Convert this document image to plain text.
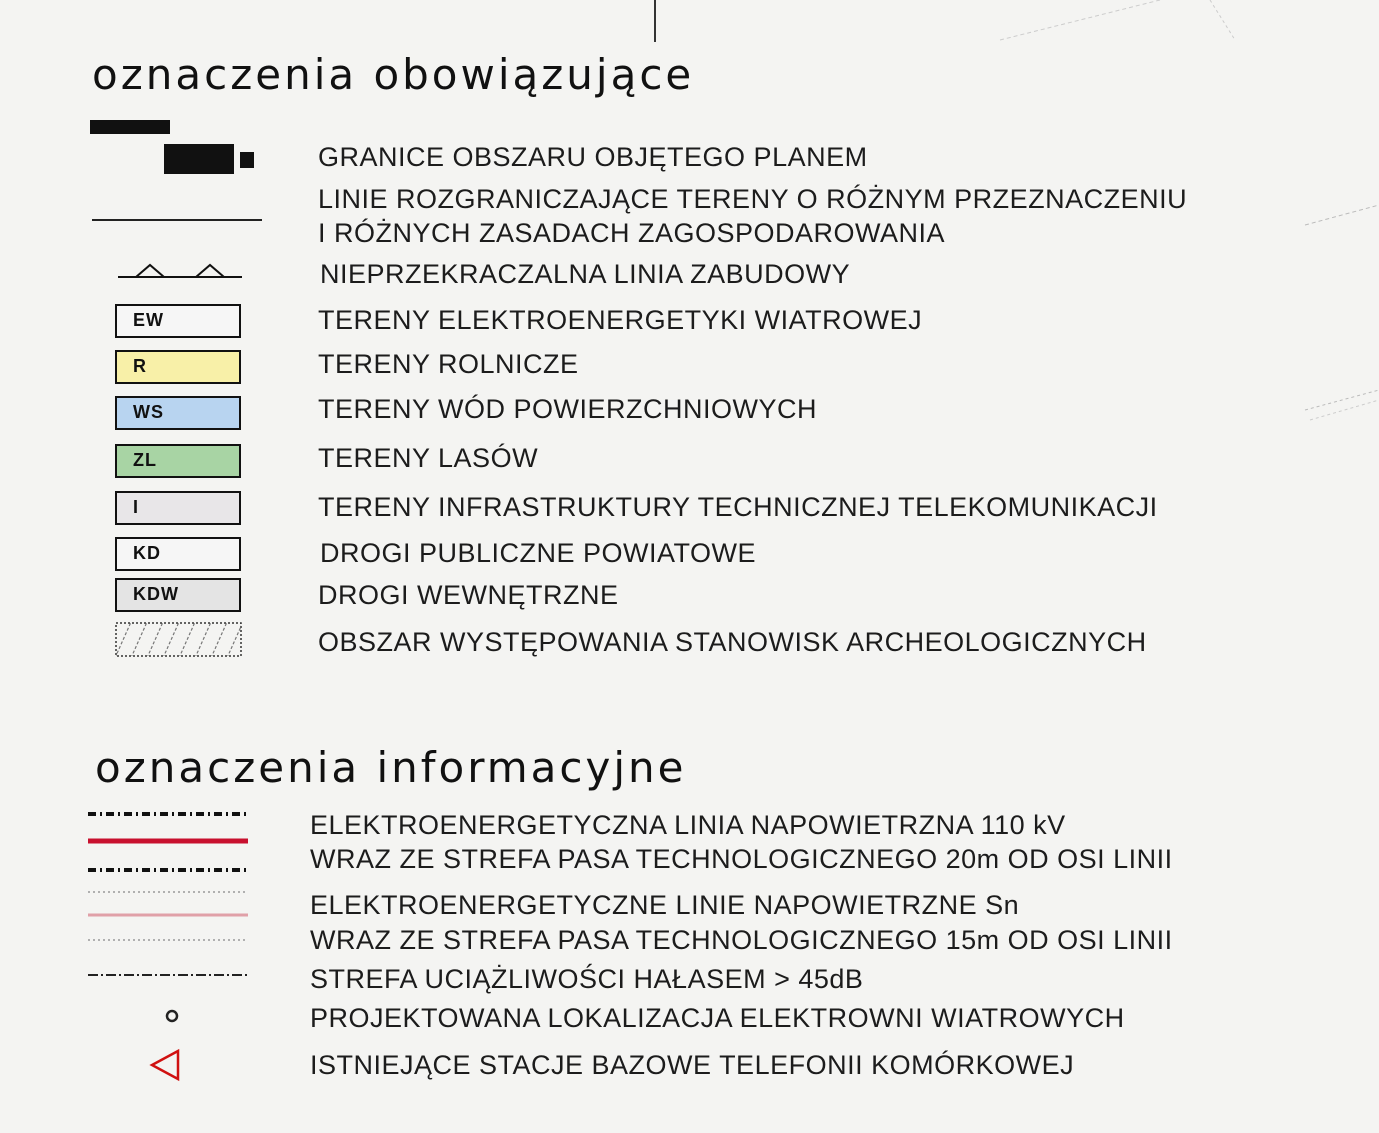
oznaczenia obowiązujące
GRANICE OBSZARU OBJĘTEGO PLANEM
LINIE ROZGRANICZAJĄCE TERENY O RÓŻNYM PRZEZNACZENIU
I RÓŻNYCH ZASADACH ZAGOSPODAROWANIA
NIEPRZEKRACZALNA LINIA ZABUDOWY
EW	TERENY ELEKTROENERGETYKI WIATROWEJ
R	TERENY ROLNICZE
WS	TERENY WÓD POWIERZCHNIOWYCH
ZL	TERENY LASÓW
I	TERENY INFRASTRUKTURY TECHNICZNEJ TELEKOMUNIKACJI
KD	DROGI PUBLICZNE POWIATOWE
KDW	DROGI WEWNĘTRZNE
OBSZAR WYSTĘPOWANIA STANOWISK ARCHEOLOGICZNYCH
oznaczenia informacyjne
ELEKTROENERGETYCZNA LINIA NAPOWIETRZNA 110 kV
WRAZ ZE STREFA PASA TECHNOLOGICZNEGO 20m OD OSI LINII
ELEKTROENERGETYCZNE LINIE NAPOWIETRZNE Sn
WRAZ ZE STREFA PASA TECHNOLOGICZNEGO 15m OD OSI LINII
STREFA UCIĄŻLIWOŚCI HAŁASEM > 45dB
PROJEKTOWANA LOKALIZACJA ELEKTROWNI WIATROWYCH
ISTNIEJĄCE STACJE BAZOWE TELEFONII KOMÓRKOWEJ
